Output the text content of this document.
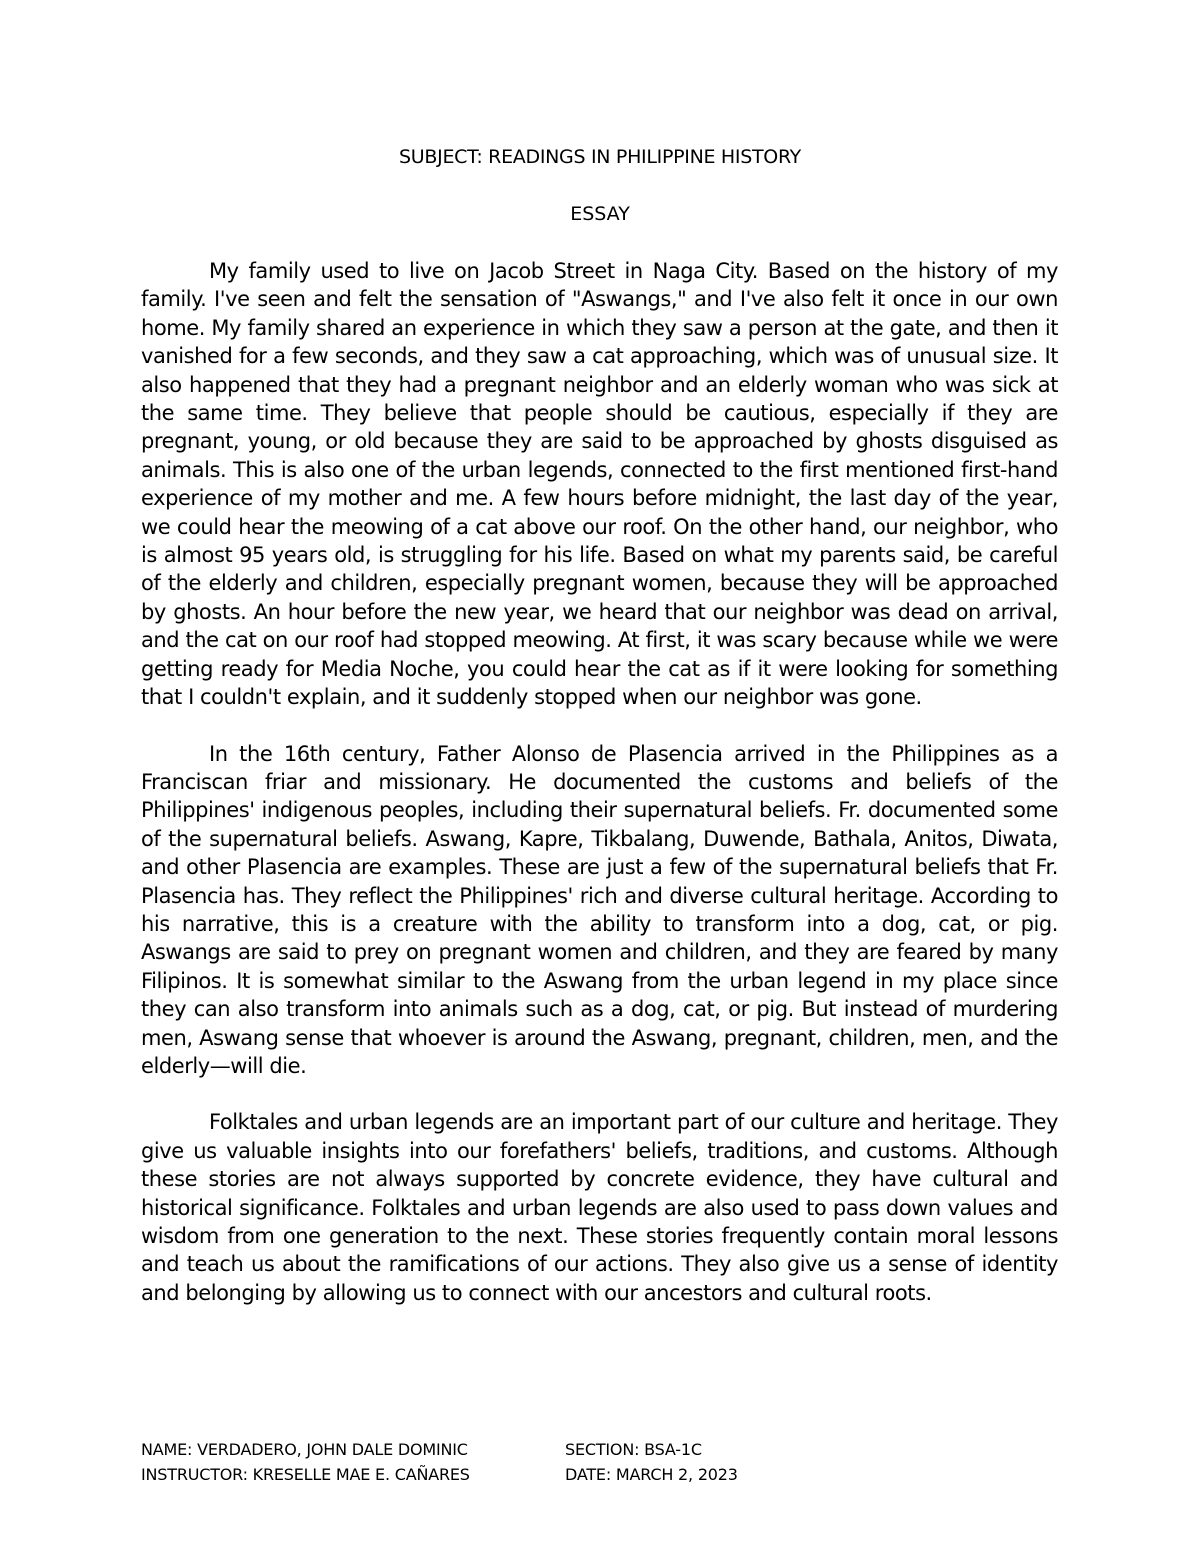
SUBJECT: READINGS IN PHILIPPINE HISTORY
ESSAY

My family used to live on Jacob Street in Naga City. Based on the history of my family. I've seen and felt the sensation of "Aswangs," and I've also felt it once in our own home. My family shared an experience in which they saw a person at the gate, and then it vanished for a few seconds, and they saw a cat approaching, which was of unusual size. It also happened that they had a pregnant neighbor and an elderly woman who was sick at the same time. They believe that people should be cautious, especially if they are pregnant, young, or old because they are said to be approached by ghosts disguised as animals. This is also one of the urban legends, connected to the first mentioned first-hand experience of my mother and me. A few hours before midnight, the last day of the year, we could hear the meowing of a cat above our roof. On the other hand, our neighbor, who is almost 95 years old, is struggling for his life. Based on what my parents said, be careful of the elderly and children, especially pregnant women, because they will be approached by ghosts. An hour before the new year, we heard that our neighbor was dead on arrival, and the cat on our roof had stopped meowing. At first, it was scary because while we were getting ready for Media Noche, you could hear the cat as if it were looking for something that I couldn't explain, and it suddenly stopped when our neighbor was gone.

In the 16th century, Father Alonso de Plasencia arrived in the Philippines as a Franciscan friar and missionary. He documented the customs and beliefs of the Philippines' indigenous peoples, including their supernatural beliefs. Fr. documented some of the supernatural beliefs. Aswang, Kapre, Tikbalang, Duwende, Bathala, Anitos, Diwata, and other Plasencia are examples. These are just a few of the supernatural beliefs that Fr. Plasencia has. They reflect the Philippines' rich and diverse cultural heritage. According to his narrative, this is a creature with the ability to transform into a dog, cat, or pig. Aswangs are said to prey on pregnant women and children, and they are feared by many Filipinos. It is somewhat similar to the Aswang from the urban legend in my place since they can also transform into animals such as a dog, cat, or pig. But instead of murdering men, Aswang sense that whoever is around the Aswang, pregnant, children, men, and the elderly—will die.

Folktales and urban legends are an important part of our culture and heritage. They give us valuable insights into our forefathers' beliefs, traditions, and customs. Although these stories are not always supported by concrete evidence, they have cultural and historical significance. Folktales and urban legends are also used to pass down values and wisdom from one generation to the next. These stories frequently contain moral lessons and teach us about the ramifications of our actions. They also give us a sense of identity and belonging by allowing us to connect with our ancestors and cultural roots.

NAME: VERDADERO, JOHN DALE DOMINIC	SECTION: BSA-1C
INSTRUCTOR: KRESELLE MAE E. CAÑARES	DATE: MARCH 2, 2023
